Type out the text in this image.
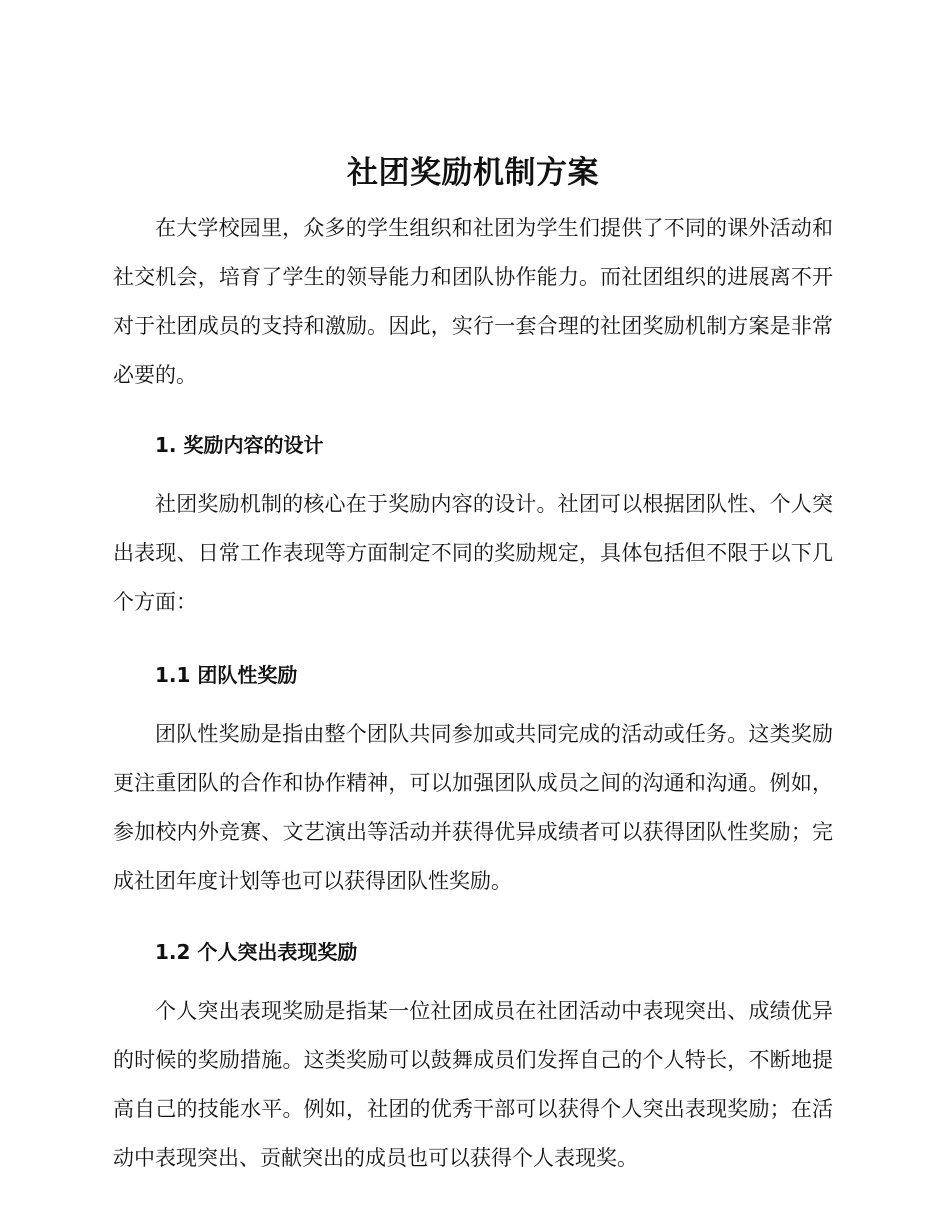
社团奖励机制方案

在大学校园里，众多的学生组织和社团为学生们提供了不同的课外活动和社交机会，培育了学生的领导能力和团队协作能力。而社团组织的进展离不开对于社团成员的支持和激励。因此，实行一套合理的社团奖励机制方案是非常必要的。

1. 奖励内容的设计

社团奖励机制的核心在于奖励内容的设计。社团可以根据团队性、个人突出表现、日常工作表现等方面制定不同的奖励规定，具体包括但不限于以下几个方面：

1.1 团队性奖励

团队性奖励是指由整个团队共同参加或共同完成的活动或任务。这类奖励更注重团队的合作和协作精神，可以加强团队成员之间的沟通和沟通。例如，参加校内外竞赛、文艺演出等活动并获得优异成绩者可以获得团队性奖励；完成社团年度计划等也可以获得团队性奖励。

1.2 个人突出表现奖励

个人突出表现奖励是指某一位社团成员在社团活动中表现突出、成绩优异的时候的奖励措施。这类奖励可以鼓舞成员们发挥自己的个人特长，不断地提高自己的技能水平。例如，社团的优秀干部可以获得个人突出表现奖励；在活动中表现突出、贡献突出的成员也可以获得个人表现奖。
